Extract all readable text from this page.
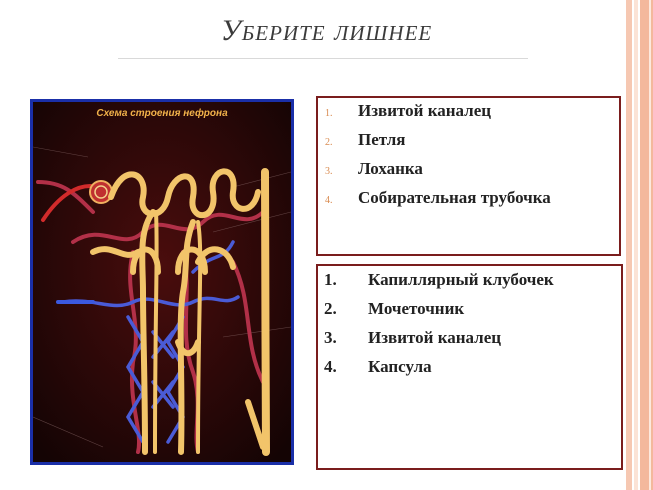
Уберите лишнее
Схема строения нефрона	1.	Извитой каналец
2.	Петля
3.	Лоханка
4.	Собирательная трубочка
1.	Капиллярный клубочек
2.	Мочеточник
3.	Извитой каналец
4.	Капсула
